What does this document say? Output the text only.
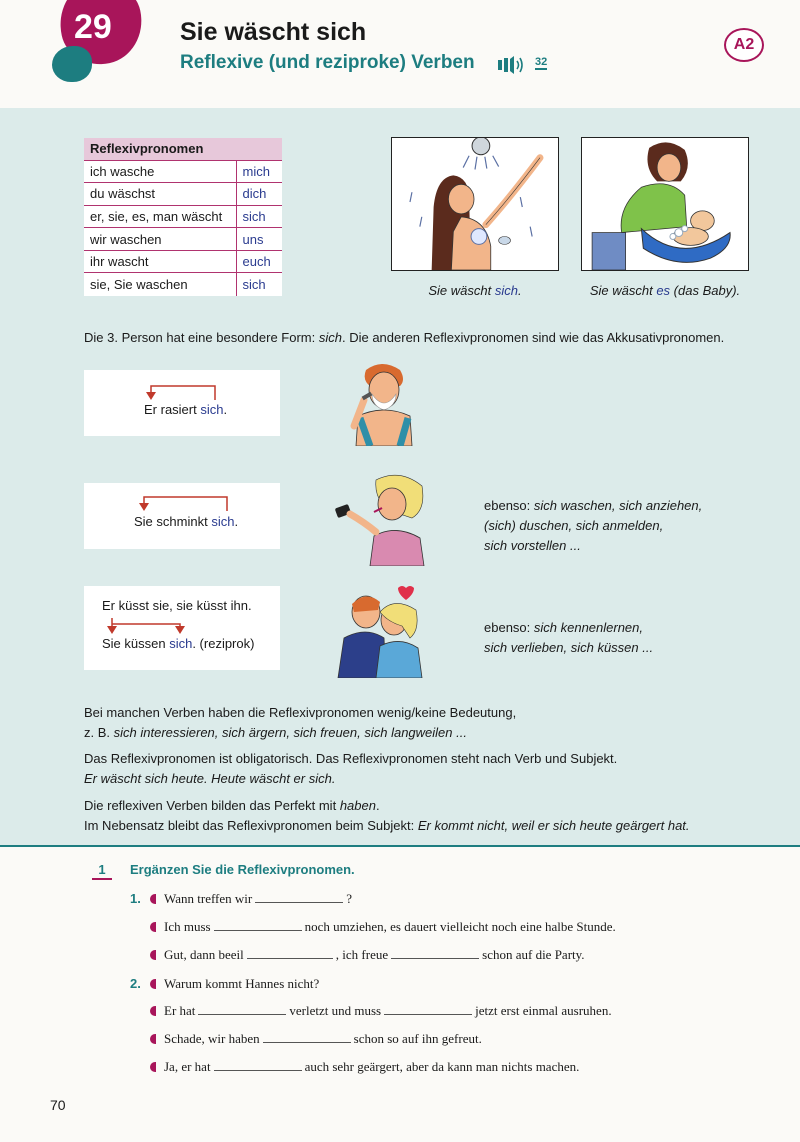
29	Sie wäscht sich
Reflexive (und reziproke) Verben	32
A2
Reflexivpronomen	
ich wasche	mich
du wäschst	dich
er, sie, es, man wäscht	sich
wir waschen	uns
ihr wascht	euch
sie, Sie waschen	sich	Sie wäscht sich.	Sie wäscht es (das Baby).
Die 3. Person hat eine besondere Form: sich. Die anderen Reflexivpronomen sind wie das Akkusativpronomen.
Er rasiert sich.
Sie schminkt sich.
ebenso: sich waschen, sich anziehen,
(sich) duschen, sich anmelden,
sich vorstellen ...
Er küsst sie, sie küsst ihn.
Sie küssen sich. (reziprok)
ebenso: sich kennenlernen,
sich verlieben, sich küssen ...
Bei manchen Verben haben die Reflexivpronomen wenig/keine Bedeutung,
z. B. sich interessieren, sich ärgern, sich freuen, sich langweilen ...
Das Reflexivpronomen ist obligatorisch. Das Reflexivpronomen steht nach Verb und Subjekt.
Er wäscht sich heute. Heute wäscht er sich.
Die reflexiven Verben bilden das Perfekt mit haben.
Im Nebensatz bleibt das Reflexivpronomen beim Subjekt: Er kommt nicht, weil er sich heute geärgert hat.
1	Ergänzen Sie die Reflexivpronomen.
1.	Wann treffen wir	?
Ich muss	noch umziehen, es dauert vielleicht noch eine halbe Stunde.
Gut, dann beeil	, ich freue	schon auf die Party.
2.	Warum kommt Hannes nicht?
Er hat	verletzt und muss	jetzt erst einmal ausruhen.
Schade, wir haben	schon so auf ihn gefreut.
Ja, er hat	auch sehr geärgert, aber da kann man nichts machen.
70
